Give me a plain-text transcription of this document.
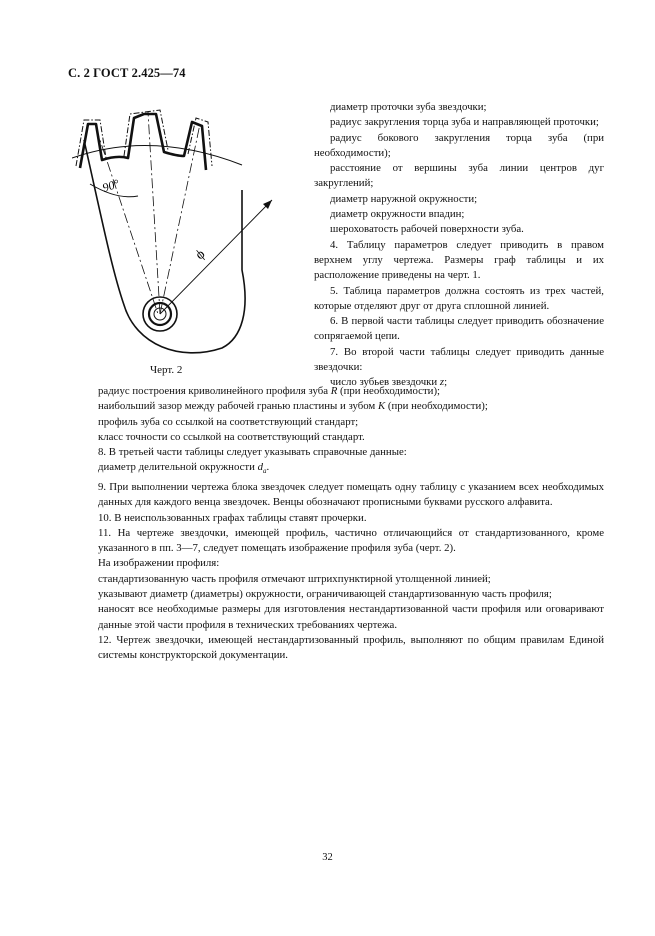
С. 2 ГОСТ 2.425—74
90°
ϕ
Черт. 2

диаметр проточки зуба звездочки;

радиус закругления торца зуба и направляющей проточки;

радиус бокового закругления торца зуба (при необходимости);

расстояние от вершины зуба линии центров дуг закруглений;

диаметр наружной окружности;

диаметр окружности впадин;

шероховатость рабочей поверхности зуба.

4. Таблицу параметров следует приводить в правом верхнем углу чертежа. Размеры граф таблицы и их расположение приведены на черт. 1.

5. Таблица параметров должна состоять из трех частей, которые отделяют друг от друга сплошной линией.

6. В первой части таблицы следует приводить обозначение сопрягаемой цепи.

7. Во второй части таблицы следует приводить данные звездочки:

число зубьев звездочки z;

радиус построения криволинейного профиля зуба R (при необходимости);

наибольший зазор между рабочей гранью пластины и зубом K (при необходимости);

профиль зуба со ссылкой на соответствующий стандарт;

класс точности со ссылкой на соответствующий стандарт.

8. В третьей части таблицы следует указывать справочные данные:

диаметр делительной окружности $d_a$.

9. При выполнении чертежа блока звездочек следует помещать одну таблицу с указанием всех необходимых данных для каждого венца звездочек. Венцы обозначают прописными буквами русского алфавита.

10. В неиспользованных графах таблицы ставят прочерки.

11. На чертеже звездочки, имеющей профиль, частично отличающийся от стандартизованного, кроме указанного в пп. 3—7, следует помещать изображение профиля зуба (черт. 2).

На изображении профиля:

стандартизованную часть профиля отмечают штрихпунктирной утолщенной линией;

указывают диаметр (диаметры) окружности, ограничивающей стандартизованную часть профиля;

наносят все необходимые размеры для изготовления нестандартизованной части профиля или оговаривают данные этой части профиля в технических требованиях чертежа.

12. Чертеж звездочки, имеющей нестандартизованный профиль, выполняют по общим правилам Единой системы конструкторской документации.

32
